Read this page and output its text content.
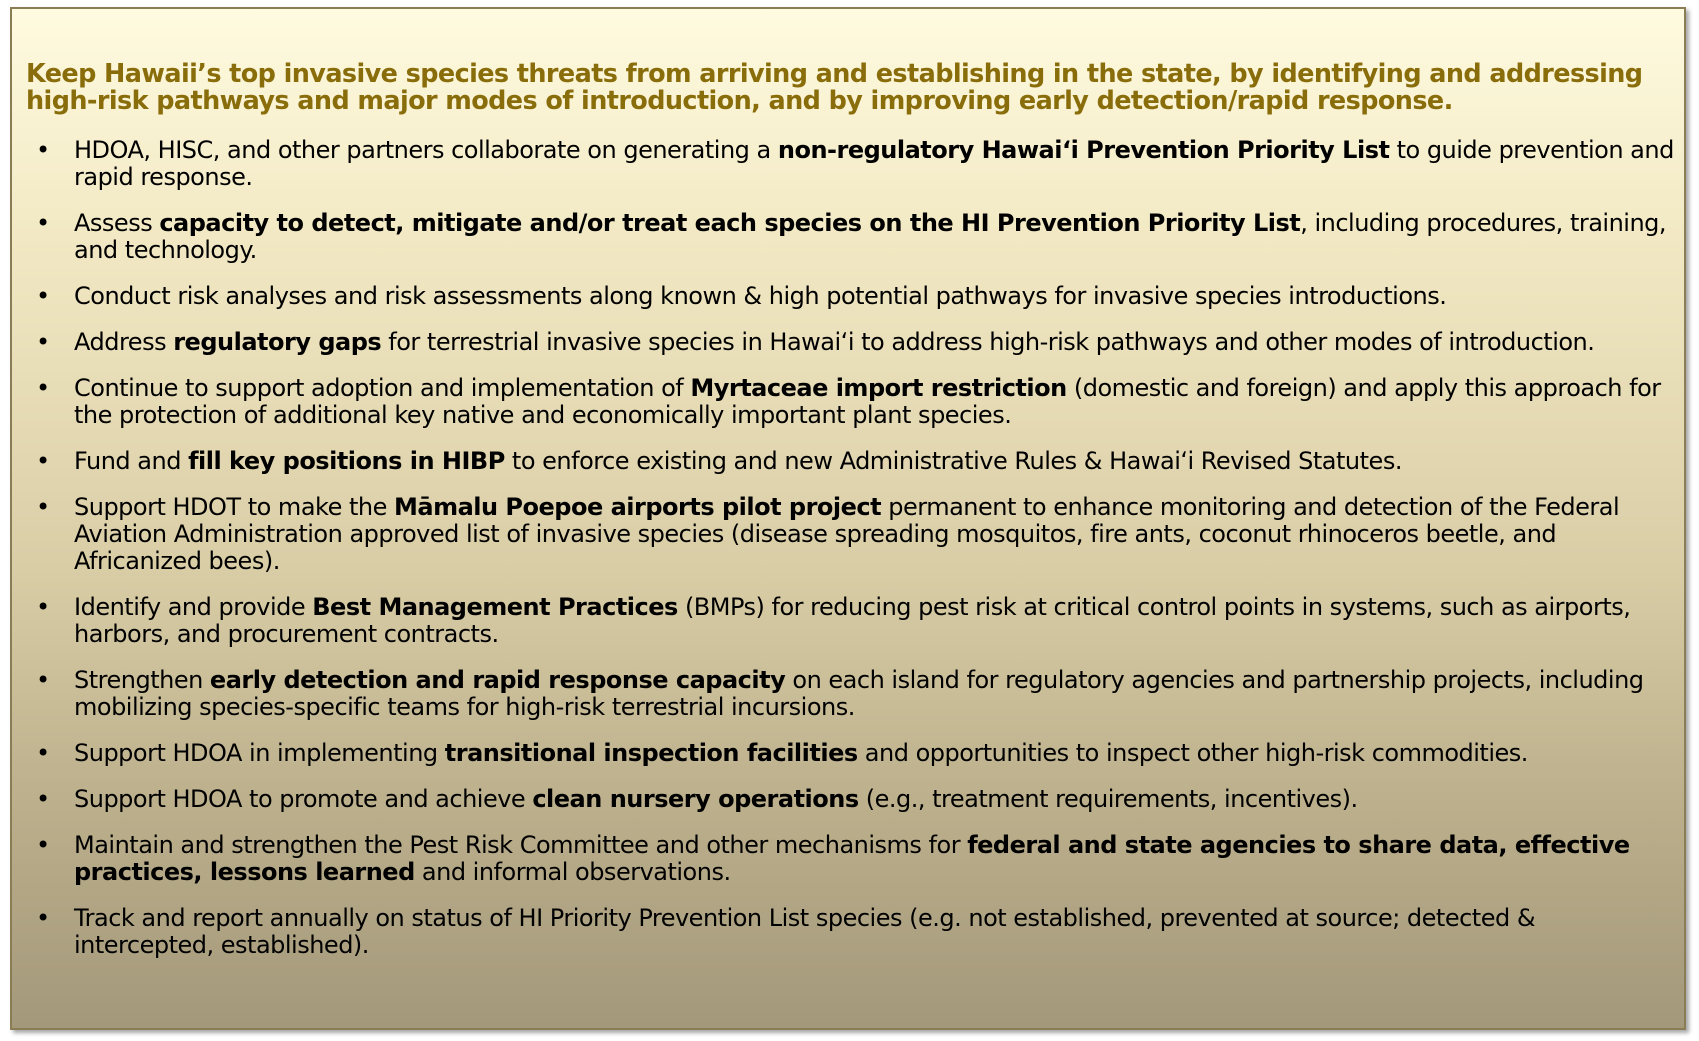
Keep Hawaii’s top invasive species threats from arriving and establishing in the state, by identifying and addressing high-risk pathways and major modes of introduction, and by improving early detection/rapid response.

• HDOA, HISC, and other partners collaborate on generating a non-regulatory Hawaiʻi Prevention Priority List to guide prevention and rapid response.
• Assess capacity to detect, mitigate and/or treat each species on the HI Prevention Priority List, including procedures, training, and technology.
• Conduct risk analyses and risk assessments along known & high potential pathways for invasive species introductions.
• Address regulatory gaps for terrestrial invasive species in Hawaiʻi to address high-risk pathways and other modes of introduction.
• Continue to support adoption and implementation of Myrtaceae import restriction (domestic and foreign) and apply this approach for the protection of additional key native and economically important plant species.
• Fund and fill key positions in HIBP to enforce existing and new Administrative Rules & Hawaiʻi Revised Statutes.
• Support HDOT to make the Māmalu Poepoe airports pilot project permanent to enhance monitoring and detection of the Federal Aviation Administration approved list of invasive species (disease spreading mosquitos, fire ants, coconut rhinoceros beetle, and Africanized bees).
• Identify and provide Best Management Practices (BMPs) for reducing pest risk at critical control points in systems, such as airports, harbors, and procurement contracts.
• Strengthen early detection and rapid response capacity on each island for regulatory agencies and partnership projects, including mobilizing species-specific teams for high-risk terrestrial incursions.
• Support HDOA in implementing transitional inspection facilities and opportunities to inspect other high-risk commodities.
• Support HDOA to promote and achieve clean nursery operations (e.g., treatment requirements, incentives).
• Maintain and strengthen the Pest Risk Committee and other mechanisms for federal and state agencies to share data, effective practices, lessons learned and informal observations.
• Track and report annually on status of HI Priority Prevention List species (e.g. not established, prevented at source; detected & intercepted, established).
